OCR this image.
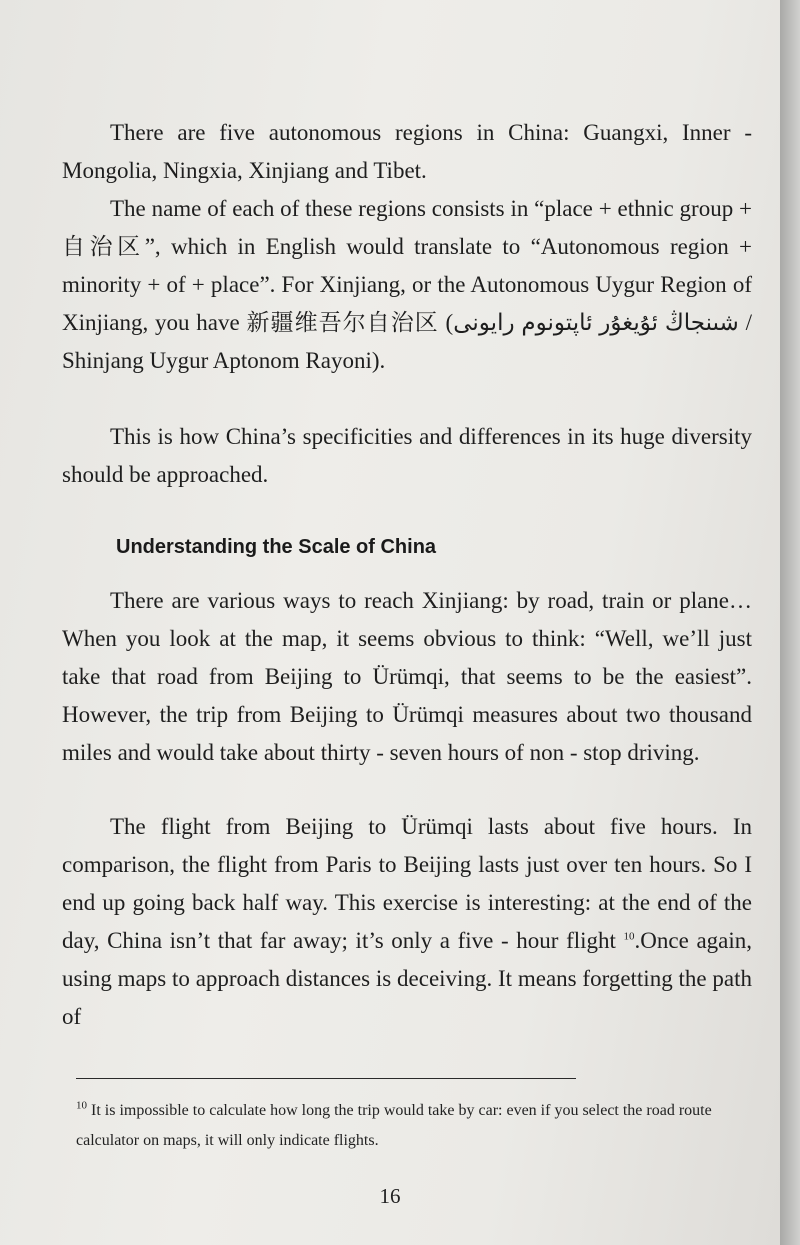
There are five autonomous regions in China: Guangxi, Inner - Mongolia, Ningxia, Xinjiang and Tibet.

The name of each of these regions consists in “place + ethnic group + 自治区”, which in English would translate to “Autonomous region + minority + of + place”. For Xinjiang, or the Autonomous Uygur Region of Xinjiang, you have 新疆维吾尔自治区 (شىنجاڭ ئۇيغۇر ئاپتونوم رايونى / Shinjang Uygur Aptonom Rayoni).

This is how China’s specificities and differences in its huge diversity should be approached.

Understanding the Scale of China

There are various ways to reach Xinjiang: by road, train or plane… When you look at the map, it seems obvious to think: “Well, we’ll just take that road from Beijing to Ürümqi, that seems to be the easiest”. However, the trip from Beijing to Ürümqi measures about two thousand miles and would take about thirty - seven hours of non - stop driving.

The flight from Beijing to Ürümqi lasts about five hours. In comparison, the flight from Paris to Beijing lasts just over ten hours. So I end up going back half way. This exercise is interesting: at the end of the day, China isn’t that far away; it’s only a five - hour flight $^{10}$.Once again, using maps to approach distances is deceiving. It means forgetting the path of

$^{10}$ It is impossible to calculate how long the trip would take by car: even if you select the road route calculator on maps, it will only indicate flights.

16
